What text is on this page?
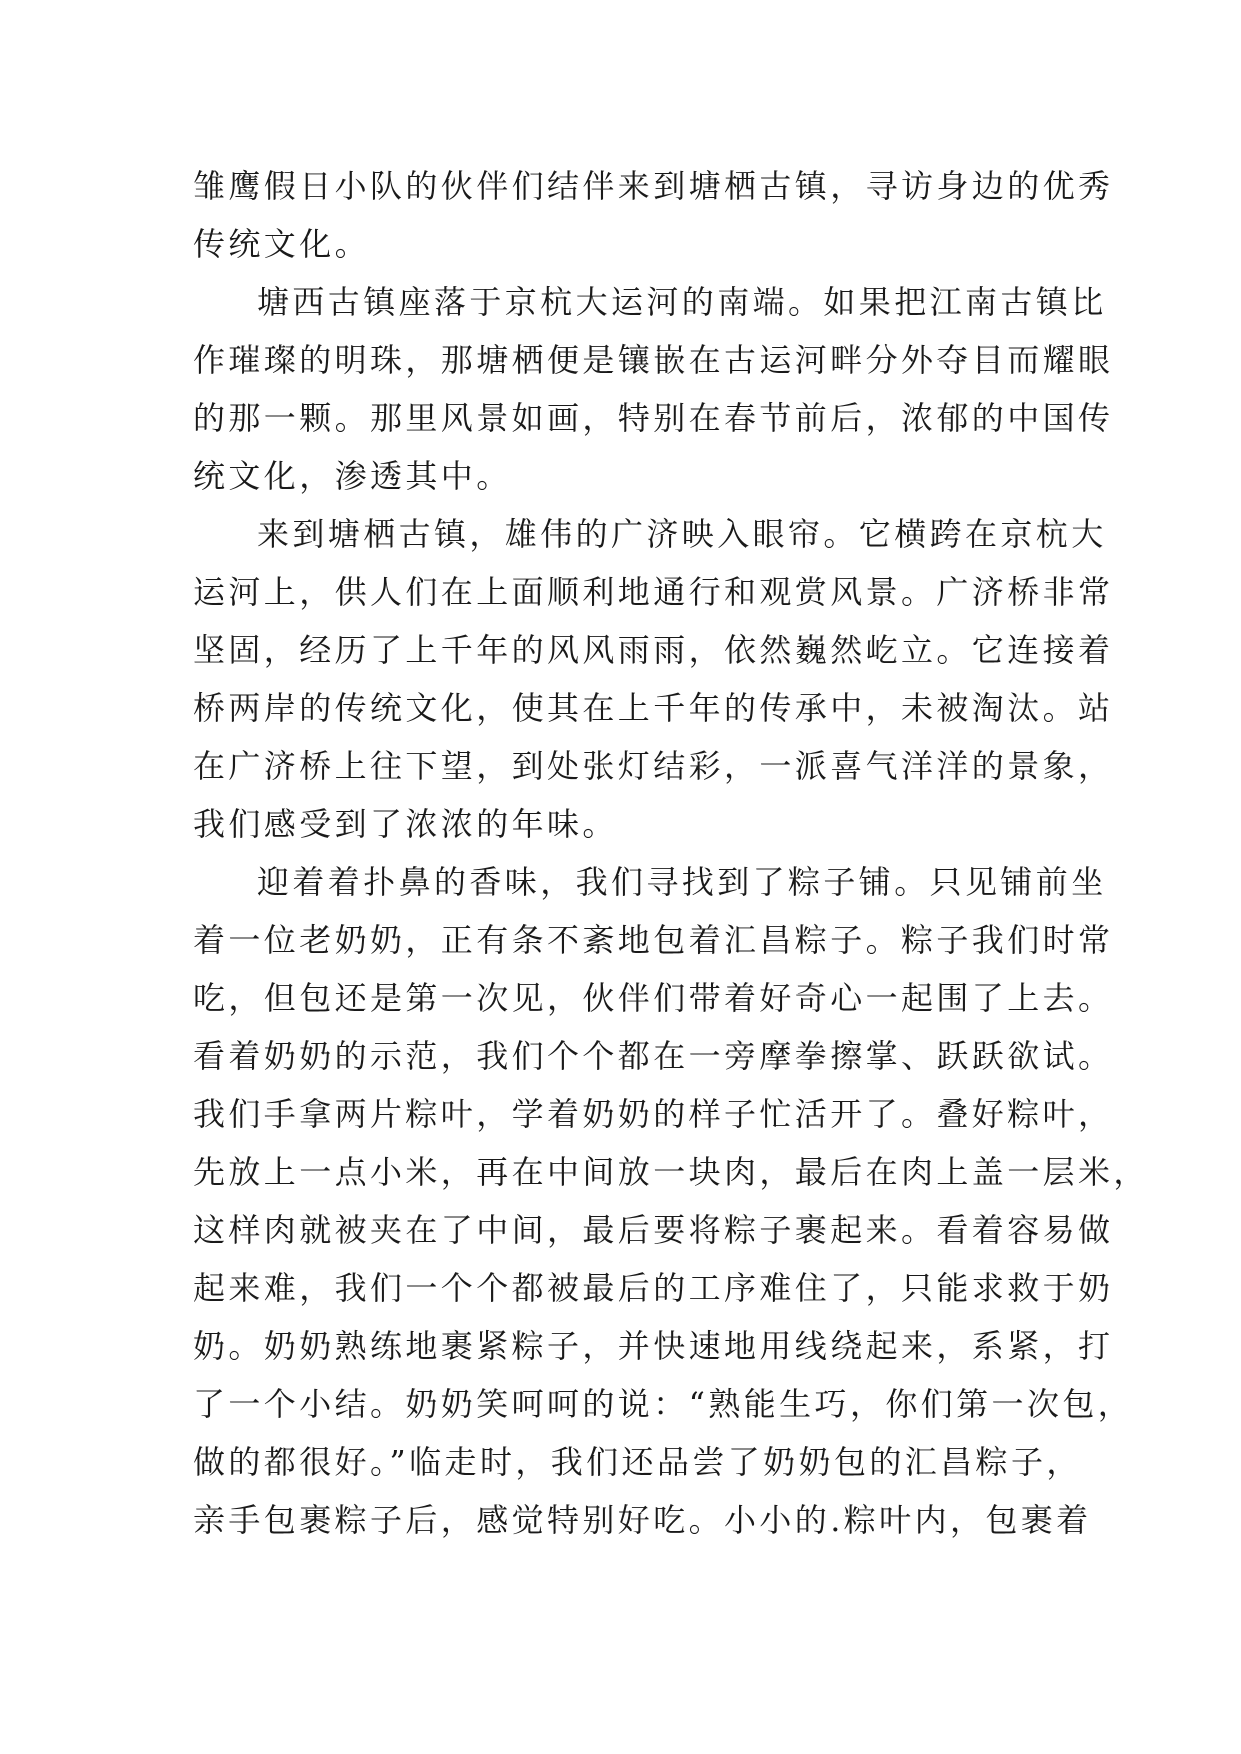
雏鹰假日小队的伙伴们结伴来到塘栖古镇，寻访身边的优秀
传统文化。
塘西古镇座落于京杭大运河的南端。如果把江南古镇比
作璀璨的明珠，那塘栖便是镶嵌在古运河畔分外夺目而耀眼
的那一颗。那里风景如画，特别在春节前后，浓郁的中国传
统文化，渗透其中。
来到塘栖古镇，雄伟的广济映入眼帘。它横跨在京杭大
运河上，供人们在上面顺利地通行和观赏风景。广济桥非常
坚固，经历了上千年的风风雨雨，依然巍然屹立。它连接着
桥两岸的传统文化，使其在上千年的传承中，未被淘汰。站
在广济桥上往下望，到处张灯结彩，一派喜气洋洋的景象，
我们感受到了浓浓的年味。
迎着着扑鼻的香味，我们寻找到了粽子铺。只见铺前坐
着一位老奶奶，正有条不紊地包着汇昌粽子。粽子我们时常
吃，但包还是第一次见，伙伴们带着好奇心一起围了上去。
看着奶奶的示范，我们个个都在一旁摩拳擦掌、跃跃欲试。
我们手拿两片粽叶，学着奶奶的样子忙活开了。叠好粽叶，
先放上一点小米，再在中间放一块肉，最后在肉上盖一层米，
这样肉就被夹在了中间，最后要将粽子裹起来。看着容易做
起来难，我们一个个都被最后的工序难住了，只能求救于奶
奶。奶奶熟练地裹紧粽子，并快速地用线绕起来，系紧，打
了一个小结。奶奶笑呵呵的说：“熟能生巧，你们第一次包，
做的都很好。”临走时，我们还品尝了奶奶包的汇昌粽子，
亲手包裹粽子后，感觉特别好吃。小小的.粽叶内，包裹着
